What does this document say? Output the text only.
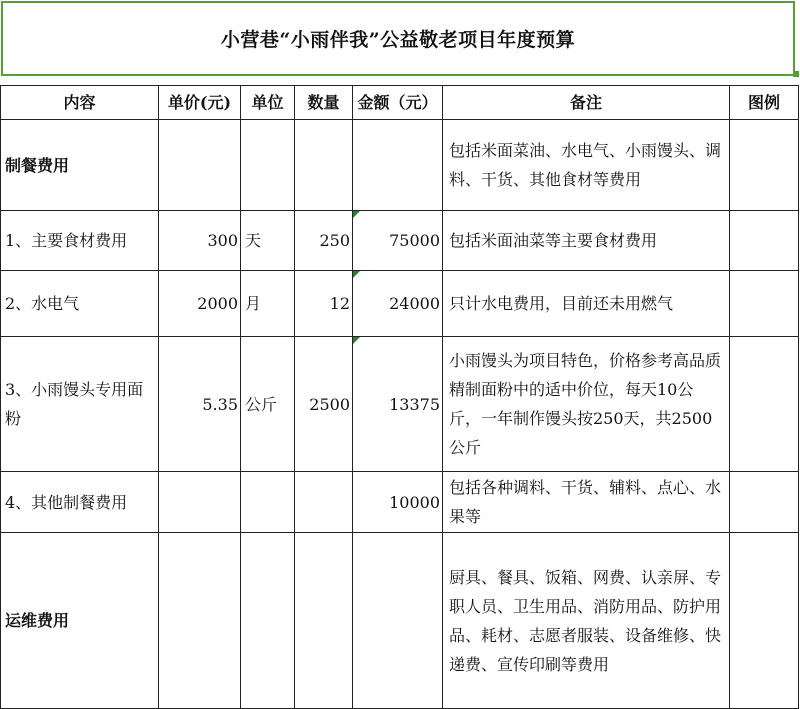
小营巷“小雨伴我”公益敬老项目年度预算
内容	单价(元)	单位	数量	金额（元）	备注	图例
制餐费用					包括米面菜油、水电气、小雨馒头、调料、干货、其他食材等费用	
1、主要食材费用	300	天	250	75000	包括米面油菜等主要食材费用	
2、水电气	2000	月	12	24000	只计水电费用，目前还未用燃气	
3、小雨馒头专用面粉	5.35	公斤	2500	13375	小雨馒头为项目特色，价格参考高品质精制面粉中的适中价位，每天10公斤，一年制作馒头按250天，共2500公斤	
4、其他制餐费用				10000	包括各种调料、干货、辅料、点心、水果等	
运维费用					厨具、餐具、饭箱、网费、认亲屏、专职人员、卫生用品、消防用品、防护用品、耗材、志愿者服装、设备维修、快递费、宣传印刷等费用	
